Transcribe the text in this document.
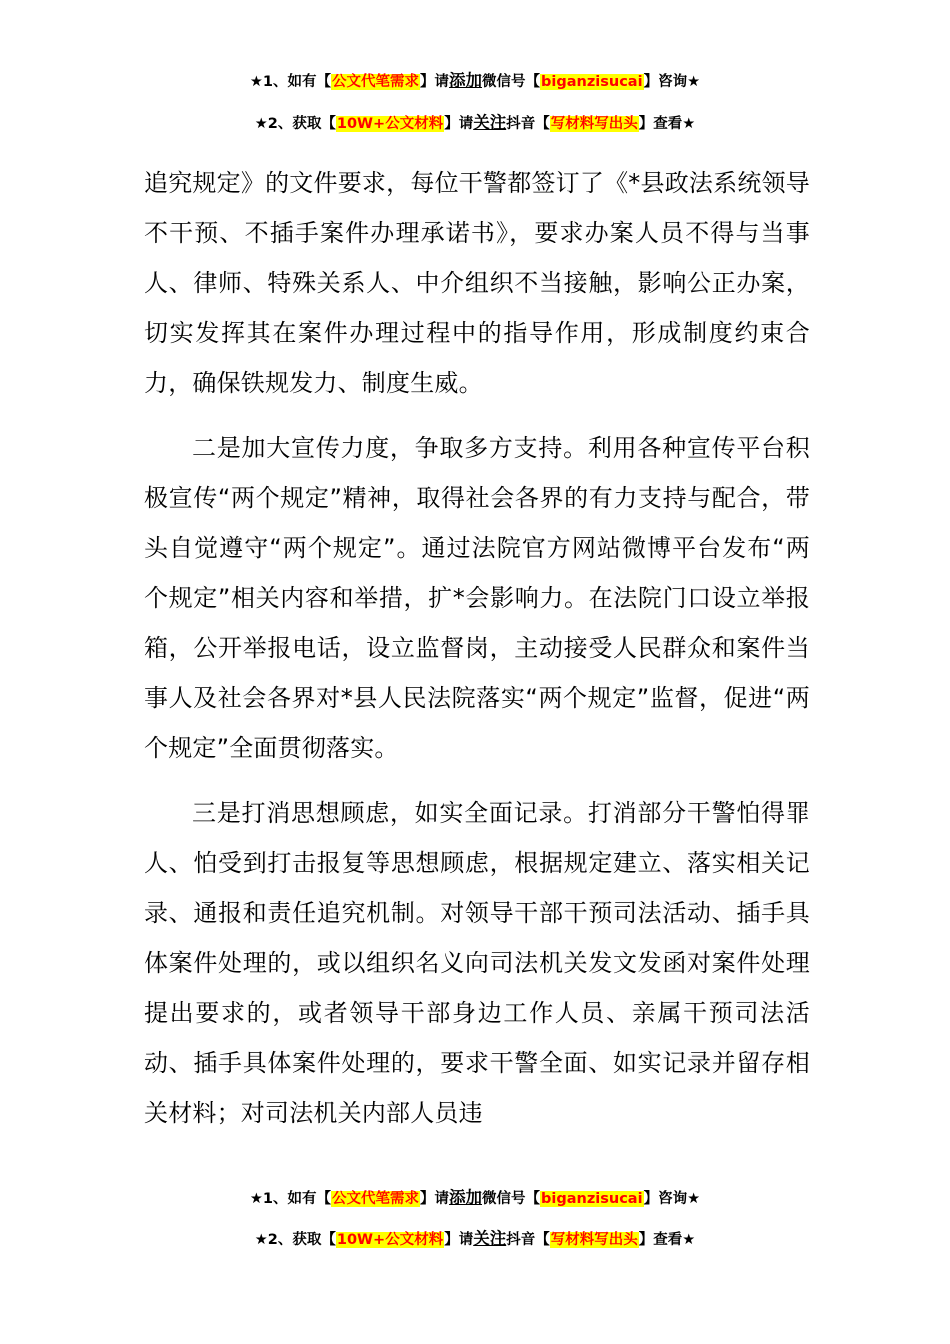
★1、如有【公文代笔需求】请添加微信号【biganzisucai】咨询★
★2、获取【10W+公文材料】请关注抖音【写材料写出头】查看★

追究规定》的文件要求，每位干警都签订了《*县政法系统领导不干预、不插手案件办理承诺书》，要求办案人员不得与当事人、律师、特殊关系人、中介组织不当接触，影响公正办案，切实发挥其在案件办理过程中的指导作用，形成制度约束合力，确保铁规发力、制度生威。

二是加大宣传力度，争取多方支持。利用各种宣传平台积极宣传“两个规定”精神，取得社会各界的有力支持与配合，带头自觉遵守“两个规定”。通过法院官方网站微博平台发布“两个规定”相关内容和举措，扩*会影响力。在法院门口设立举报箱，公开举报电话，设立监督岗，主动接受人民群众和案件当事人及社会各界对*县人民法院落实“两个规定”监督，促进“两个规定”全面贯彻落实。

三是打消思想顾虑，如实全面记录。打消部分干警怕得罪人、怕受到打击报复等思想顾虑，根据规定建立、落实相关记录、通报和责任追究机制。对领导干部干预司法活动、插手具体案件处理的，或以组织名义向司法机关发文发函对案件处理提出要求的，或者领导干部身边工作人员、亲属干预司法活动、插手具体案件处理的，要求干警全面、如实记录并留存相关材料；对司法机关内部人员违

★1、如有【公文代笔需求】请添加微信号【biganzisucai】咨询★
★2、获取【10W+公文材料】请关注抖音【写材料写出头】查看★
